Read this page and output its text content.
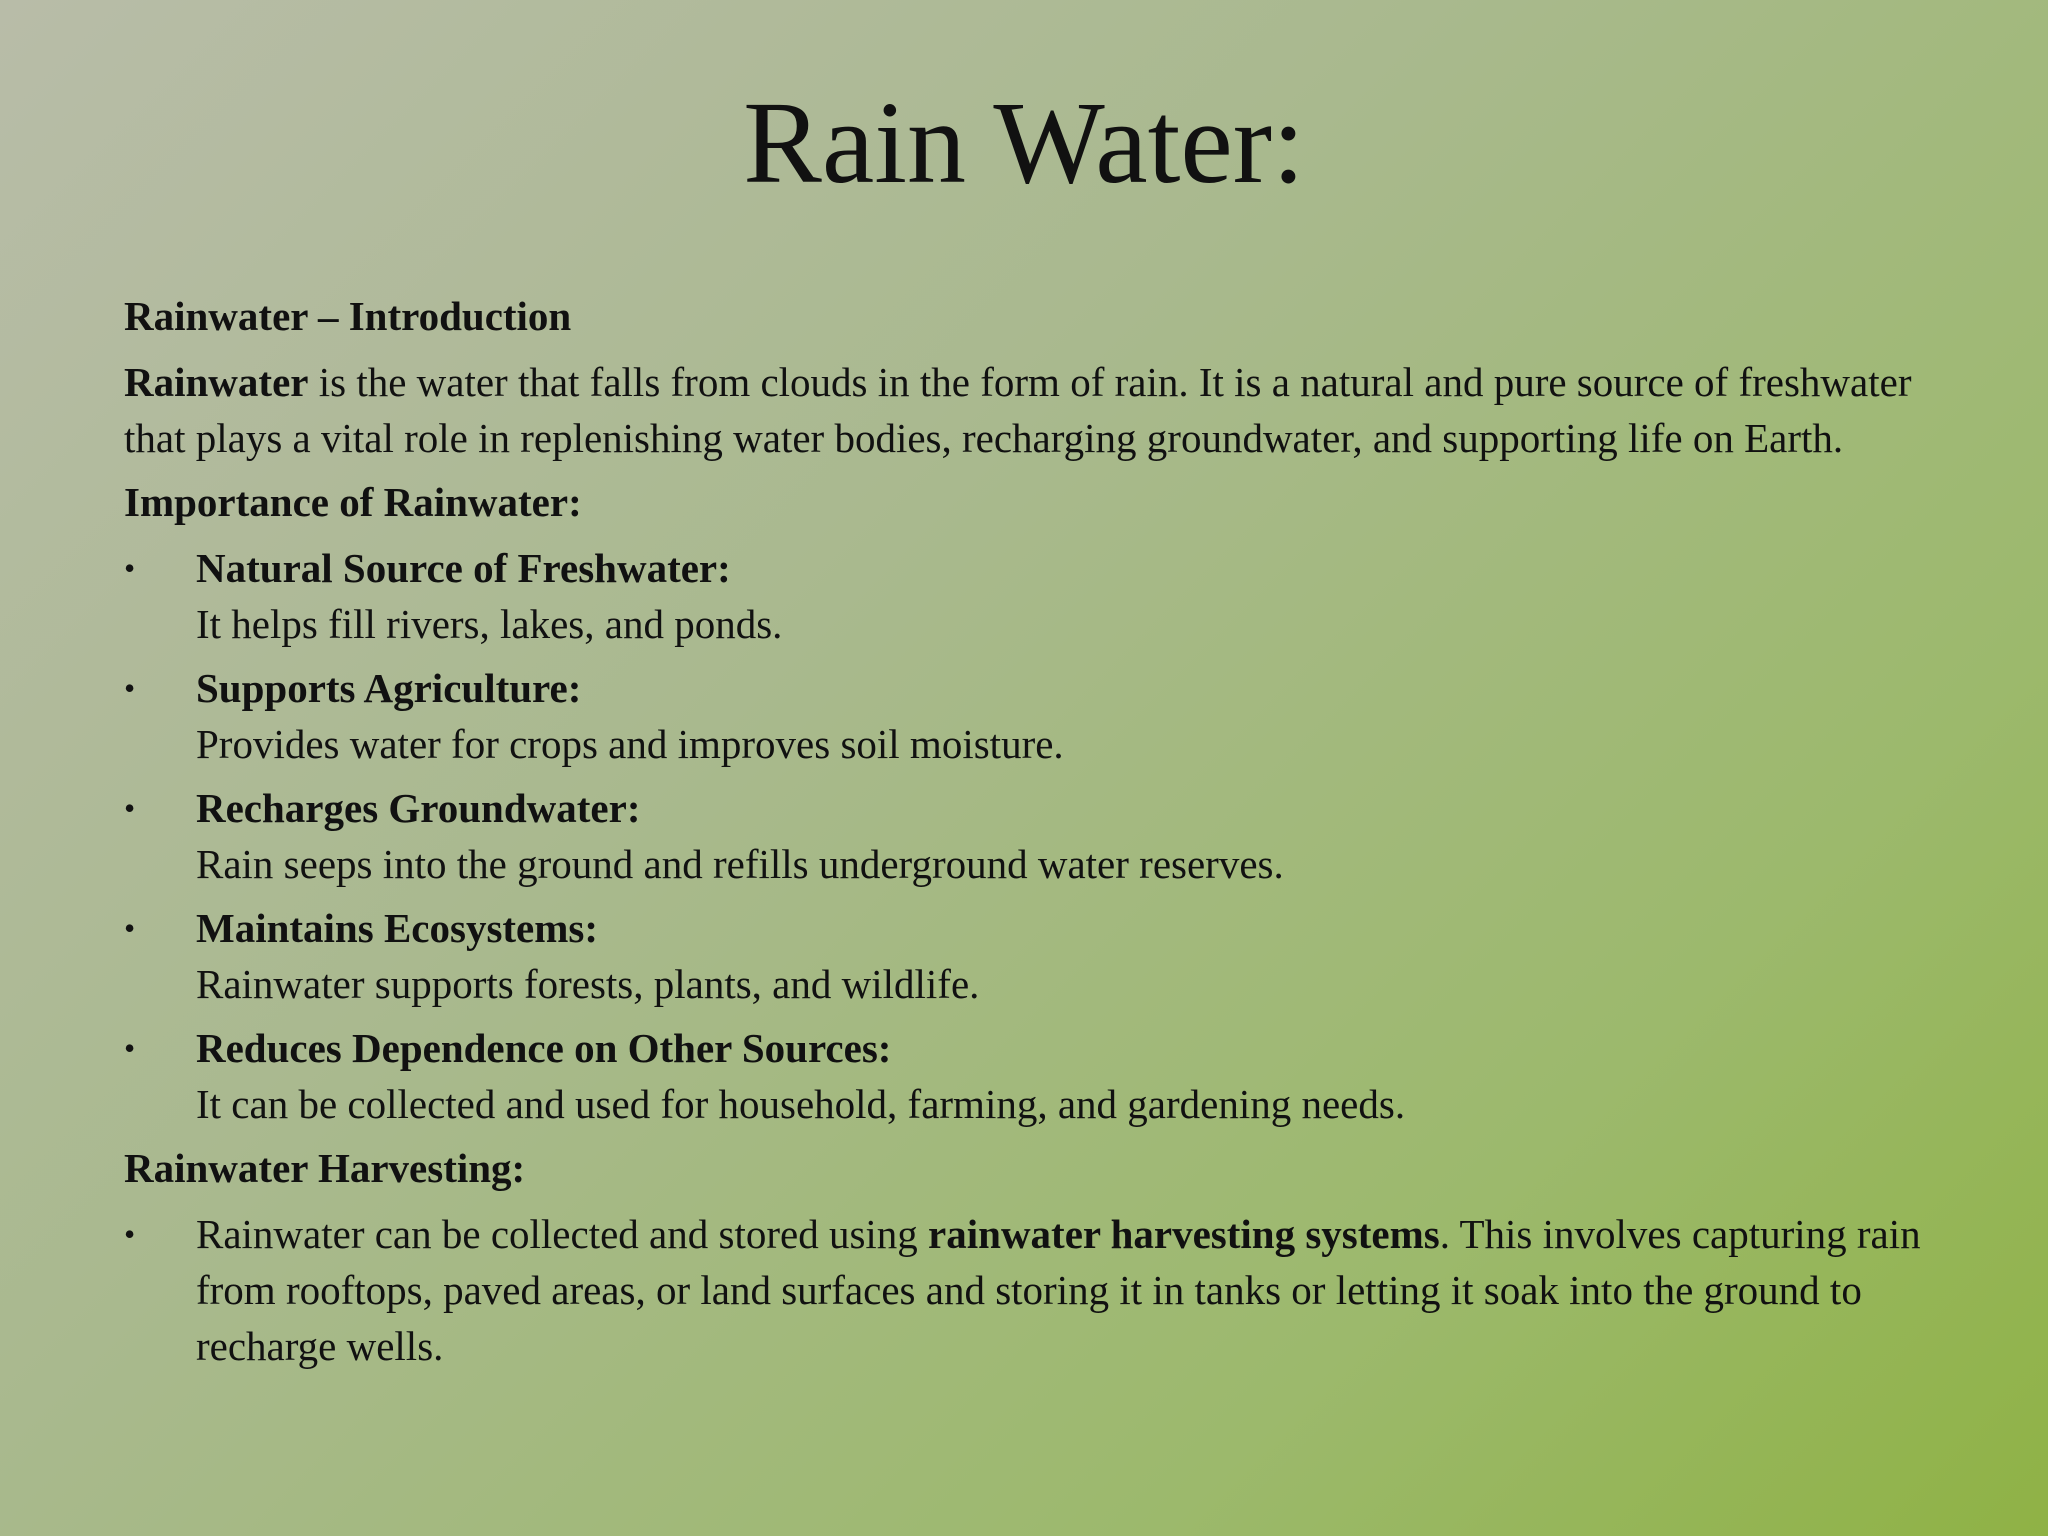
Rain Water:
Rainwater – Introduction

Rainwater is the water that falls from clouds in the form of rain. It is a natural and pure source of freshwater that plays a vital role in replenishing water bodies, recharging groundwater, and supporting life on Earth.

Importance of Rainwater:
• Natural Source of Freshwater:
It helps fill rivers, lakes, and ponds.
• Supports Agriculture:
Provides water for crops and improves soil moisture.
• Recharges Groundwater:
Rain seeps into the ground and refills underground water reserves.
• Maintains Ecosystems:
Rainwater supports forests, plants, and wildlife.
• Reduces Dependence on Other Sources:
It can be collected and used for household, farming, and gardening needs.
Rainwater Harvesting:
• Rainwater can be collected and stored using rainwater harvesting systems. This involves capturing rain from rooftops, paved areas, or land surfaces and storing it in tanks or letting it soak into the ground to recharge wells.
